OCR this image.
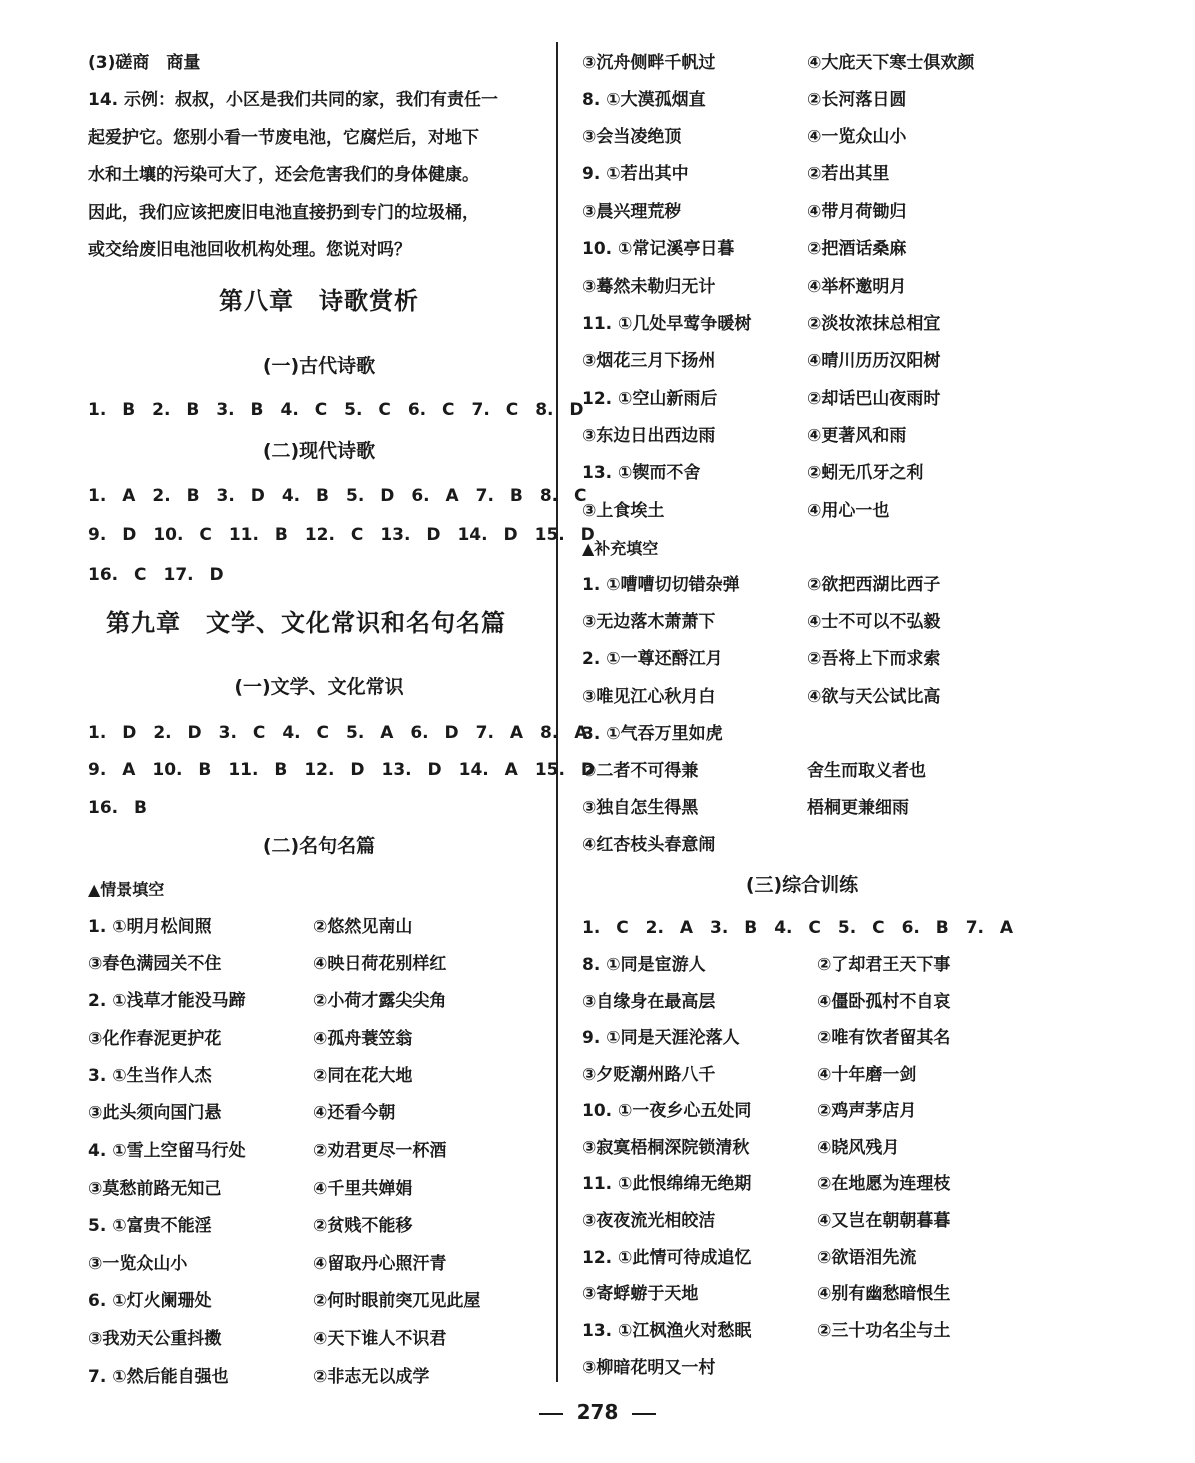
(3)磋商　商量
14. 示例：叔叔，小区是我们共同的家，我们有责任一
起爱护它。您别小看一节废电池，它腐烂后，对地下
水和土壤的污染可大了，还会危害我们的身体健康。
因此，我们应该把废旧电池直接扔到专门的垃圾桶，
或交给废旧电池回收机构处理。您说对吗？
第八章　诗歌赏析
(一)古代诗歌
1. B　2. B　3. B　4. C　5. C　6. C　7. C　8. D
(二)现代诗歌
1. A　2. B　3. D　4. B　5. D　6. A　7. B　8. C
9. D　10. C　11. B　12. C　13. D　14. D　15. D
16. C　17. D
第九章　文学、文化常识和名句名篇
(一)文学、文化常识
1. D　2. D　3. C　4. C　5. A　6. D　7. A　8. A
9. A　10. B　11. B　12. D　13. D　14. A　15. D
16. B
(二)名句名篇
▲情景填空
1. ①明月松间照	②悠然见南山
③春色满园关不住	④映日荷花别样红
2. ①浅草才能没马蹄	②小荷才露尖尖角
③化作春泥更护花	④孤舟蓑笠翁
3. ①生当作人杰	②同在花大地
③此头须向国门悬	④还看今朝
4. ①雪上空留马行处	②劝君更尽一杯酒
③莫愁前路无知己	④千里共婵娟
5. ①富贵不能淫	②贫贱不能移
③一览众山小	④留取丹心照汗青
6. ①灯火阑珊处	②何时眼前突兀见此屋
③我劝天公重抖擞	④天下谁人不识君
7. ①然后能自强也	②非志无以成学
③沉舟侧畔千帆过	④大庇天下寒士俱欢颜
8. ①大漠孤烟直	②长河落日圆
③会当凌绝顶	④一览众山小
9. ①若出其中	②若出其里
③晨兴理荒秽	④带月荷锄归
10. ①常记溪亭日暮	②把酒话桑麻
③蓦然未勒归无计	④举杯邀明月
11. ①几处早莺争暖树	②淡妆浓抹总相宜
③烟花三月下扬州	④晴川历历汉阳树
12. ①空山新雨后	②却话巴山夜雨时
③东边日出西边雨	④更著风和雨
13. ①锲而不舍	②蚓无爪牙之利
③上食埃土	④用心一也
▲补充填空
1. ①嘈嘈切切错杂弹	②欲把西湖比西子
③无边落木萧萧下	④士不可以不弘毅
2. ①一尊还酹江月	②吾将上下而求索
③唯见江心秋月白	④欲与天公试比高
3. ①气吞万里如虎
②二者不可得兼	舍生而取义者也
③独自怎生得黑	梧桐更兼细雨
④红杏枝头春意闹
(三)综合训练
1. C　2. A　3. B　4. C　5. C　6. B　7. A
8. ①同是宦游人	②了却君王天下事
③自缘身在最高层	④僵卧孤村不自哀
9. ①同是天涯沦落人	②唯有饮者留其名
③夕贬潮州路八千	④十年磨一剑
10. ①一夜乡心五处同	②鸡声茅店月
③寂寞梧桐深院锁清秋	④晓风残月
11. ①此恨绵绵无绝期	②在地愿为连理枝
③夜夜流光相皎洁	④又岂在朝朝暮暮
12. ①此情可待成追忆	②欲语泪先流
③寄蜉蝣于天地	④别有幽愁暗恨生
13. ①江枫渔火对愁眠	②三十功名尘与土
③柳暗花明又一村
278
